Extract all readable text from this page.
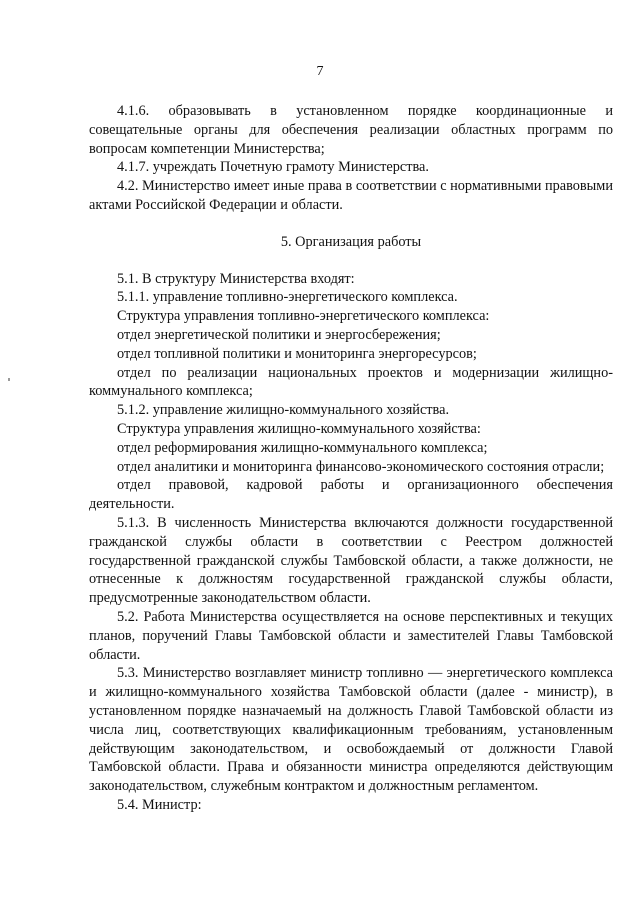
7

4.1.6. образовывать в установленном порядке координационные и совещательные органы для обеспечения реализации областных программ по вопросам компетенции Министерства;

4.1.7. учреждать Почетную грамоту Министерства.

4.2. Министерство имеет иные права в соответствии с нормативными правовыми актами Российской Федерации и области.

5. Организация работы

5.1. В структуру Министерства входят:

5.1.1. управление топливно-энергетического комплекса.

Структура управления топливно-энергетического комплекса:

отдел энергетической политики и энергосбережения;

отдел топливной политики и мониторинга энергоресурсов;

отдел по реализации национальных проектов и модернизации жилищно-коммунального комплекса;

5.1.2. управление жилищно-коммунального хозяйства.

Структура управления жилищно-коммунального хозяйства:

отдел реформирования жилищно-коммунального комплекса;

отдел аналитики и мониторинга финансово-экономического состояния отрасли;

отдел правовой, кадровой работы и организационного обеспечения деятельности.

5.1.3. В численность Министерства включаются должности государственной гражданской службы области в соответствии с Реестром должностей государственной гражданской службы Тамбовской области, а также должности, не отнесенные к должностям государственной гражданской службы области, предусмотренные законодательством области.

5.2. Работа Министерства осуществляется на основе перспективных и текущих планов, поручений Главы Тамбовской области и заместителей Главы Тамбовской области.

5.3. Министерство возглавляет министр топливно — энергетического комплекса и жилищно-коммунального хозяйства Тамбовской области (далее - министр), в установленном порядке назначаемый на должность Главой Тамбовской области из числа лиц, соответствующих квалификационным требованиям, установленным действующим законодательством, и освобождаемый от должности Главой Тамбовской области. Права и обязанности министра определяются действующим законодательством, служебным контрактом и должностным регламентом.

5.4. Министр:
